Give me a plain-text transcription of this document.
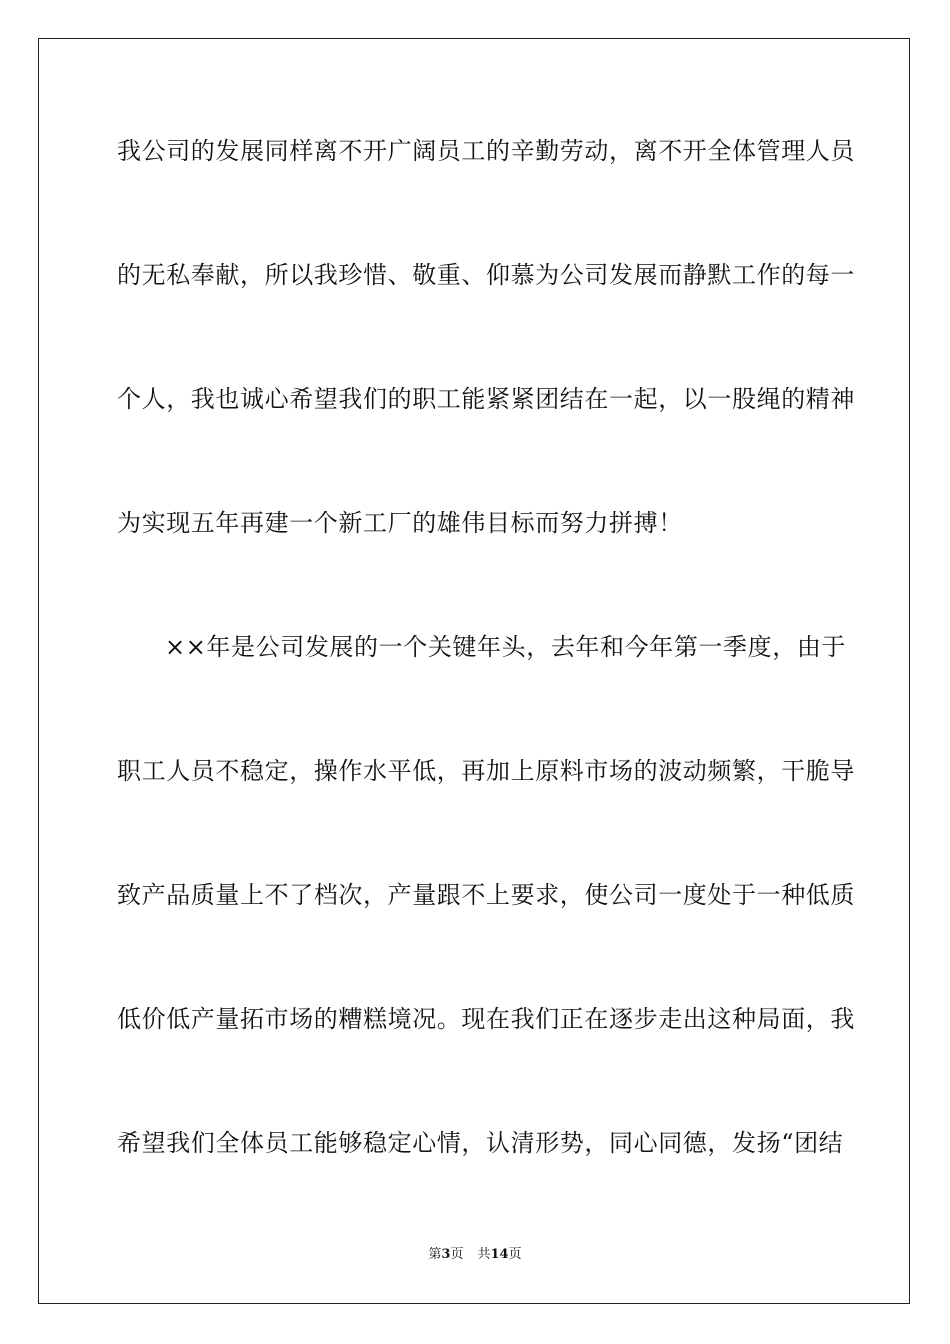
我公司的发展同样离不开广阔员工的辛勤劳动，离不开全体管理人员
的无私奉献，所以我珍惜、敬重、仰慕为公司发展而静默工作的每一
个人，我也诚心希望我们的职工能紧紧团结在一起，以一股绳的精神
为实现五年再建一个新工厂的雄伟目标而努力拼搏！
××年是公司发展的一个关键年头，去年和今年第一季度，由于
职工人员不稳定，操作水平低，再加上原料市场的波动频繁，干脆导
致产品质量上不了档次，产量跟不上要求，使公司一度处于一种低质
低价低产量拓市场的糟糕境况。现在我们正在逐步走出这种局面，我
希望我们全体员工能够稳定心情，认清形势，同心同德，发扬“团结
第3页 共14页
